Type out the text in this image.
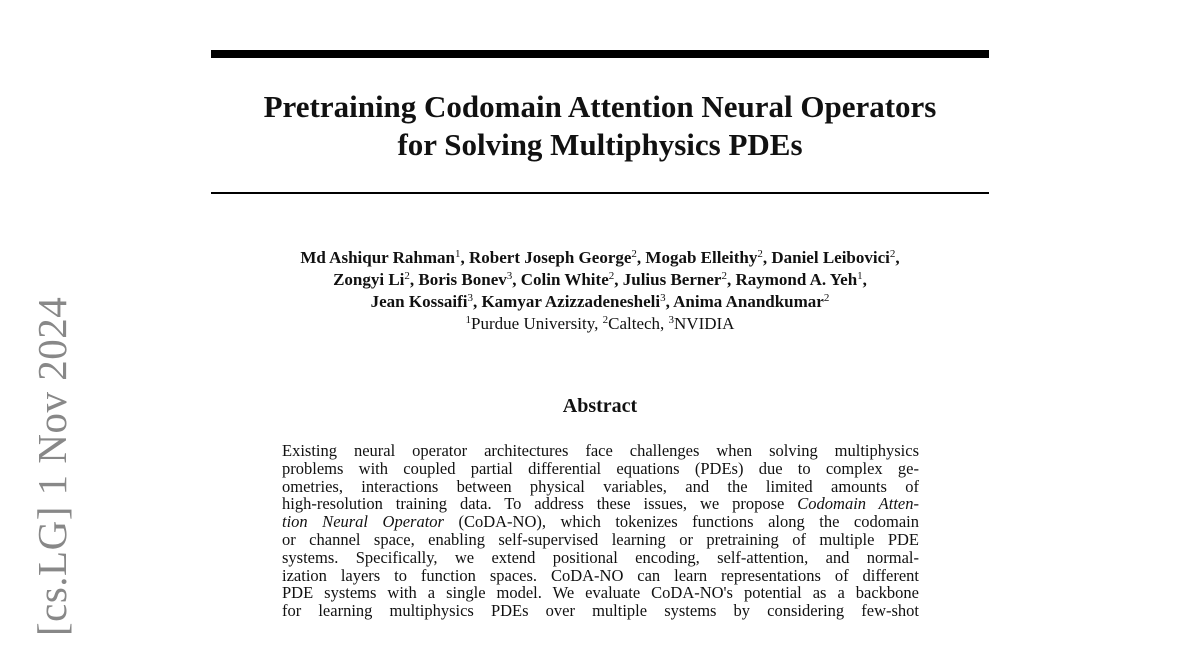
[cs.LG] 1 Nov 2024
Pretraining Codomain Attention Neural Operators
for Solving Multiphysics PDEs
Md Ashiqur Rahman$^1$, Robert Joseph George$^2$, Mogab Elleithy$^2$, Daniel Leibovici$^2$,
Zongyi Li$^2$, Boris Bonev$^3$, Colin White$^2$, Julius Berner$^2$, Raymond A. Yeh$^1$,
Jean Kossaifi$^3$, Kamyar Azizzadenesheli$^3$, Anima Anandkumar$^2$
$^1$Purdue University, $^2$Caltech, $^3$NVIDIA
Abstract
Existing neural operator architectures face challenges when solving multiphysics
problems with coupled partial differential equations (PDEs) due to complex ge-
ometries, interactions between physical variables, and the limited amounts of
high-resolution training data. To address these issues, we propose Codomain Atten-
tion Neural Operator (CoDA-NO), which tokenizes functions along the codomain
or channel space, enabling self-supervised learning or pretraining of multiple PDE
systems. Specifically, we extend positional encoding, self-attention, and normal-
ization layers to function spaces. CoDA-NO can learn representations of different
PDE systems with a single model. We evaluate CoDA-NO's potential as a backbone
for learning multiphysics PDEs over multiple systems by considering few-shot
